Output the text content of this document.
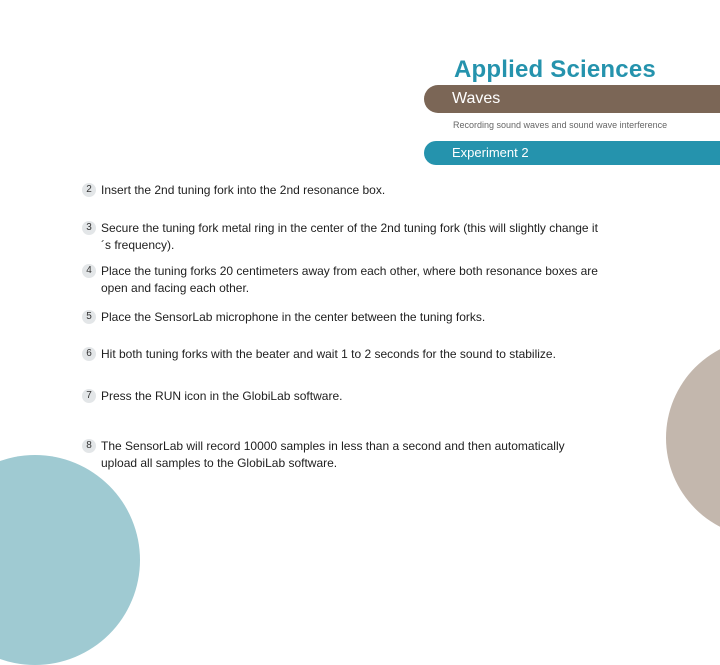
Applied Sciences
Waves
Recording sound waves and sound wave interference
Experiment 2
2 Insert the 2nd tuning fork into the 2nd resonance box.
3 Secure the tuning fork metal ring in the center of the 2nd tuning fork (this will slightly change it´s frequency).
4 Place the tuning forks 20 centimeters away from each other, where both resonance boxes are open and facing each other.
5 Place the SensorLab microphone in the center between the tuning forks.
6 Hit both tuning forks with the beater and wait 1 to 2 seconds for the sound to stabilize.
7 Press the RUN icon in the GlobiLab software.
8 The SensorLab will record 10000 samples in less than a second and then automatically upload all samples to the GlobiLab software.
